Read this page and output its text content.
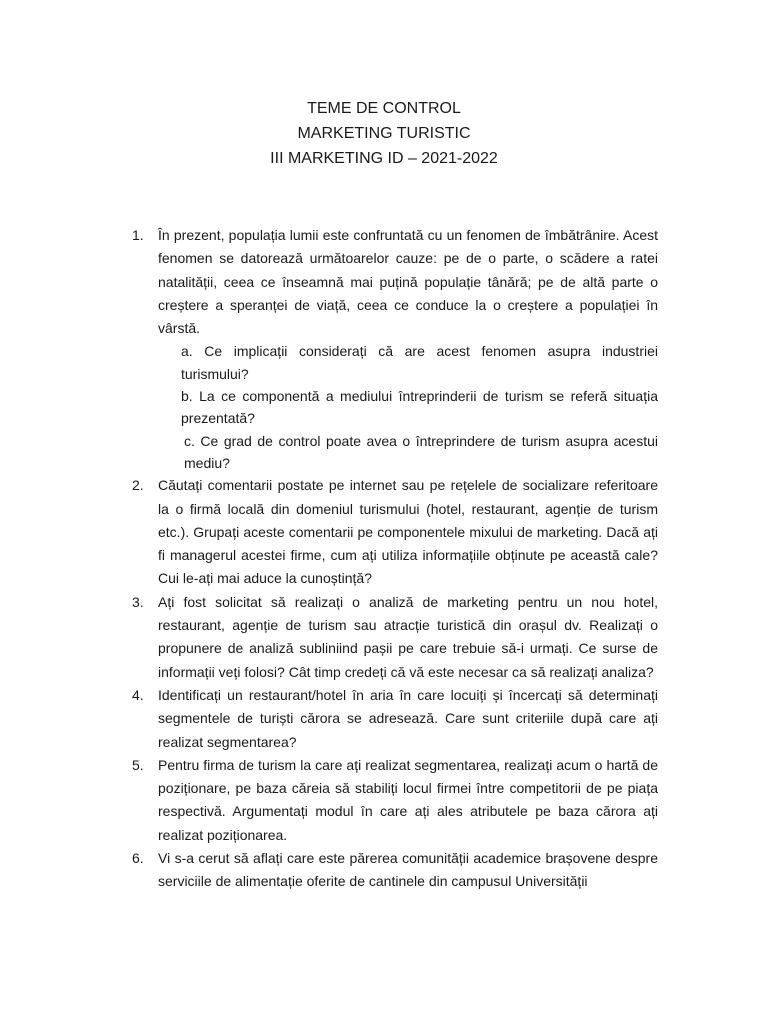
TEME DE CONTROL
MARKETING TURISTIC
III MARKETING ID – 2021-2022
1.	În prezent, populația lumii este confruntată cu un fenomen de îmbătrânire. Acest fenomen se datorează următoarelor cauze: pe de o parte, o scădere a ratei natalității, ceea ce înseamnă mai puțină populație tânără; pe de altă parte o creștere a speranței de viață, ceea ce conduce la o creștere a populației în vârstă.
a. Ce implicații considerați că are acest fenomen asupra industriei turismului?
b. La ce componentă a mediului întreprinderii de turism se referă situația prezentată?
c. Ce grad de control poate avea o întreprindere de turism asupra acestui mediu?
2.	Căutați comentarii postate pe internet sau pe rețelele de socializare referitoare la o firmă locală din domeniul turismului (hotel, restaurant, agenție de turism etc.). Grupați aceste comentarii pe componentele mixului de marketing. Dacă ați fi managerul acestei firme, cum ați utiliza informațiile obținute pe această cale? Cui le-ați mai aduce la cunoștință?
3.	Ați fost solicitat să realizați o analiză de marketing pentru un nou hotel, restaurant, agenție de turism sau atracție turistică din orașul dv. Realizați o propunere de analiză subliniind pașii pe care trebuie să-i urmați. Ce surse de informații veți folosi? Cât timp credeți că vă este necesar ca să realizați analiza?
4.	Identificați un restaurant/hotel în aria în care locuiți și încercați să determinați segmentele de turiști cărora se adresează. Care sunt criteriile după care ați realizat segmentarea?
5.	Pentru firma de turism la care ați realizat segmentarea, realizați acum o hartă de poziționare, pe baza căreia să stabiliți locul firmei între competitorii de pe piața respectivă. Argumentați modul în care ați ales atributele pe baza cărora ați realizat poziționarea.
6.	Vi s-a cerut să aflați care este părerea comunității academice brașovene despre serviciile de alimentație oferite de cantinele din campusul Universității
